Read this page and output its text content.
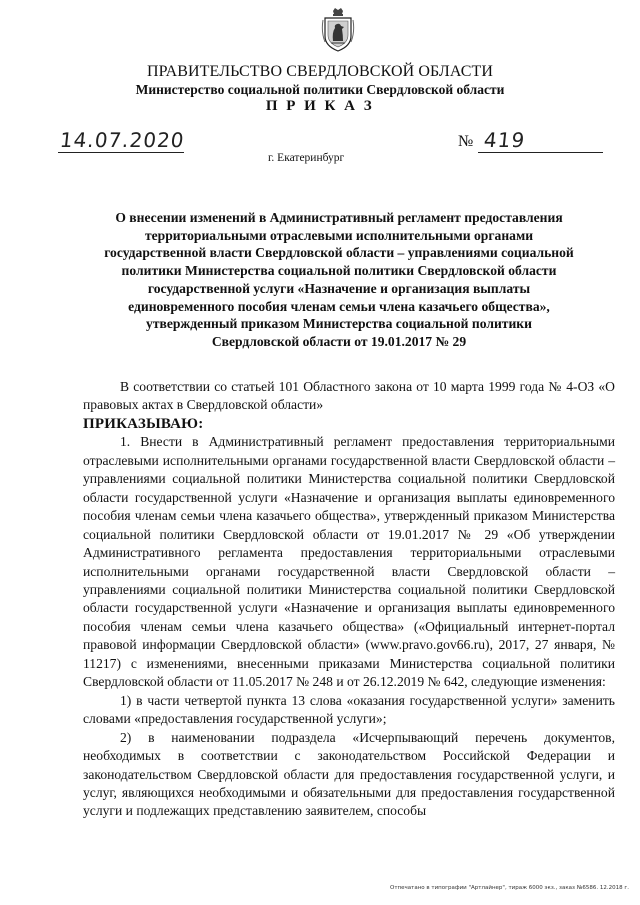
ПРАВИТЕЛЬСТВО СВЕРДЛОВСКОЙ ОБЛАСТИ
Министерство социальной политики Свердловской области
П Р И К А З
14.07.2020	№ 419
г. Екатеринбург
О внесении изменений в Административный регламент предоставления
территориальными отраслевыми исполнительными органами
государственной власти Свердловской области – управлениями социальной
политики Министерства социальной политики Свердловской области
государственной услуги «Назначение и организация выплаты
единовременного пособия членам семьи члена казачьего общества»,
утвержденный приказом Министерства социальной политики
Свердловской области от 19.01.2017 № 29

В соответствии со статьей 101 Областного закона от 10 марта 1999 года № 4-ОЗ «О правовых актах в Свердловской области»

ПРИКАЗЫВАЮ:

1. Внести в Административный регламент предоставления территориальными отраслевыми исполнительными органами государственной власти Свердловской области – управлениями социальной политики Министерства социальной политики Свердловской области государственной услуги «Назначение и организация выплаты единовременного пособия членам семьи члена казачьего общества», утвержденный приказом Министерства социальной политики Свердловской области от 19.01.2017 № 29 «Об утверждении Административного регламента предоставления территориальными отраслевыми исполнительными органами государственной власти Свердловской области – управлениями социальной политики Министерства социальной политики Свердловской области государственной услуги «Назначение и организация выплаты единовременного пособия членам семьи члена казачьего общества» («Официальный интернет-портал правовой информации Свердловской области» (www.pravo.gov66.ru), 2017, 27 января, № 11217) с изменениями, внесенными приказами Министерства социальной политики Свердловской области от 11.05.2017 № 248 и от 26.12.2019 № 642, следующие изменения:

1) в части четвертой пункта 13 слова «оказания государственной услуги» заменить словами «предоставления государственной услуги»;

2) в наименовании подраздела «Исчерпывающий перечень документов, необходимых в соответствии с законодательством Российской Федерации и законодательством Свердловской области для предоставления государственной услуги, и услуг, являющихся необходимыми и обязательными для предоставления государственной услуги и подлежащих представлению заявителем, способы

Отпечатано в типографии "Артлайнер", тираж 6000 экз., заказ №6586. 12.2018 г.
